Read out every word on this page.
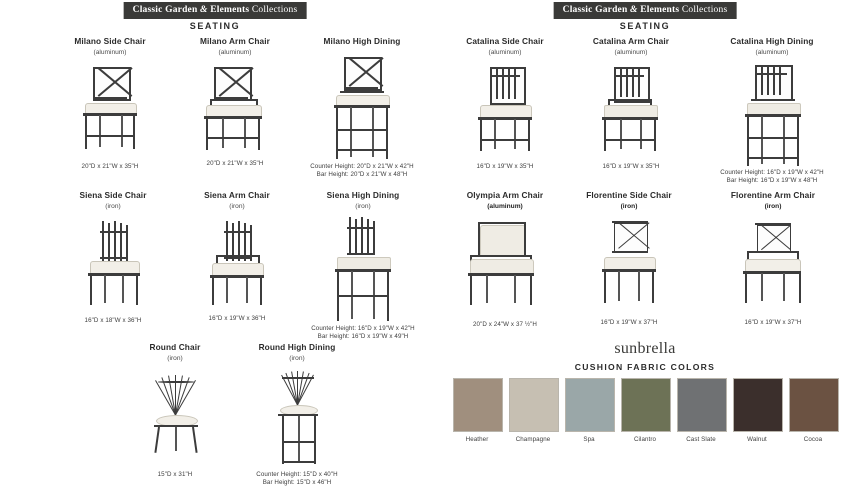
Classic Garden & Elements Collections
SEATING
Milano Side Chair
(aluminum)
20"D x 21"W x 35"H
Milano Arm Chair
(aluminum)
20"D x 21"W x 35"H
Milano High Dining
Counter Height: 20"D x 21"W x 42"H
Bar Height: 20"D x 21"W x 48"H
Siena Side Chair
(iron)
16"D x 18"W x 36"H
Siena Arm Chair
(iron)
16"D x 19"W x 36"H
Siena High Dining
(iron)
Counter Height: 16"D x 19"W x 42"H
Bar Height: 16"D x 19"W x 49"H
Round Chair
(iron)
15"D x 31"H
Round High Dining
(iron)
Counter Height: 15"D x 40"H
Bar Height: 15"D x 46"H
Classic Garden & Elements Collections
SEATING
Catalina Side Chair
(aluminum)
16"D x 19"W x 35"H
Catalina Arm Chair
(aluminum)
16"D x 19"W x 35"H
Catalina High Dining
(aluminum)
Counter Height: 16"D x 19"W x 42"H
Bar Height: 16"D x 19"W x 48"H
Olympia Arm Chair
(aluminum)
20"D x 24"W x 37 ½"H
Florentine Side Chair
(iron)
16"D x 19"W x 37"H
Florentine Arm Chair
(iron)
16"D x 19"W x 37"H
sunbrella
CUSHION FABRIC COLORS
Heather	Champagne	Spa	Cilantro	Cast Slate	Walnut	Cocoa
